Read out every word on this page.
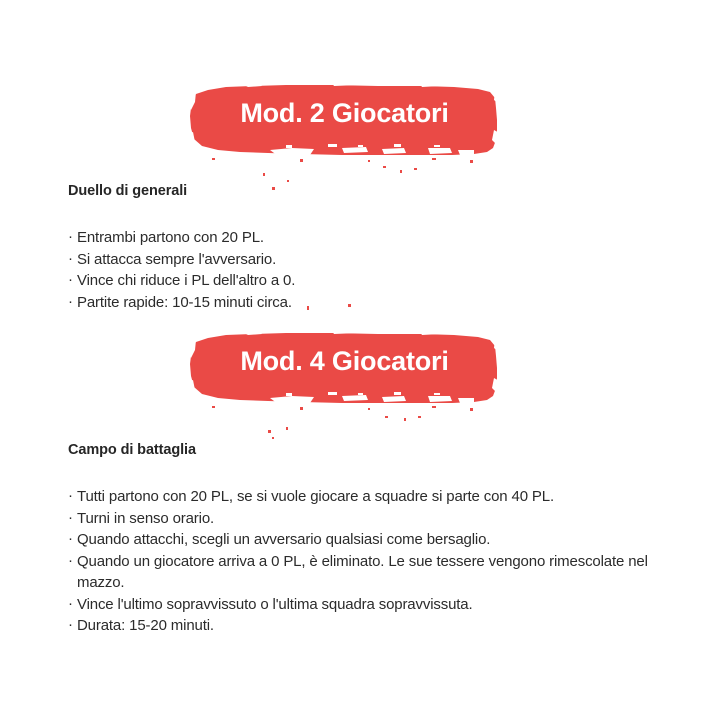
Mod. 2 Giocatori
Duello di generali
· Entrambi partono con 20 PL.
· Si attacca sempre l'avversario.
· Vince chi riduce i PL dell'altro a 0.
· Partite rapide: 10-15 minuti circa.
Mod. 4 Giocatori
Campo di battaglia
· Tutti partono con 20 PL, se si vuole giocare a squadre si parte con 40 PL.
· Turni in senso orario.
· Quando attacchi, scegli un avversario qualsiasi come bersaglio.
· Quando un giocatore arriva a 0 PL, è eliminato. Le sue tessere vengono rimescolate nel mazzo.
· Vince l'ultimo sopravvissuto o l'ultima squadra sopravvissuta.
· Durata: 15-20 minuti.
